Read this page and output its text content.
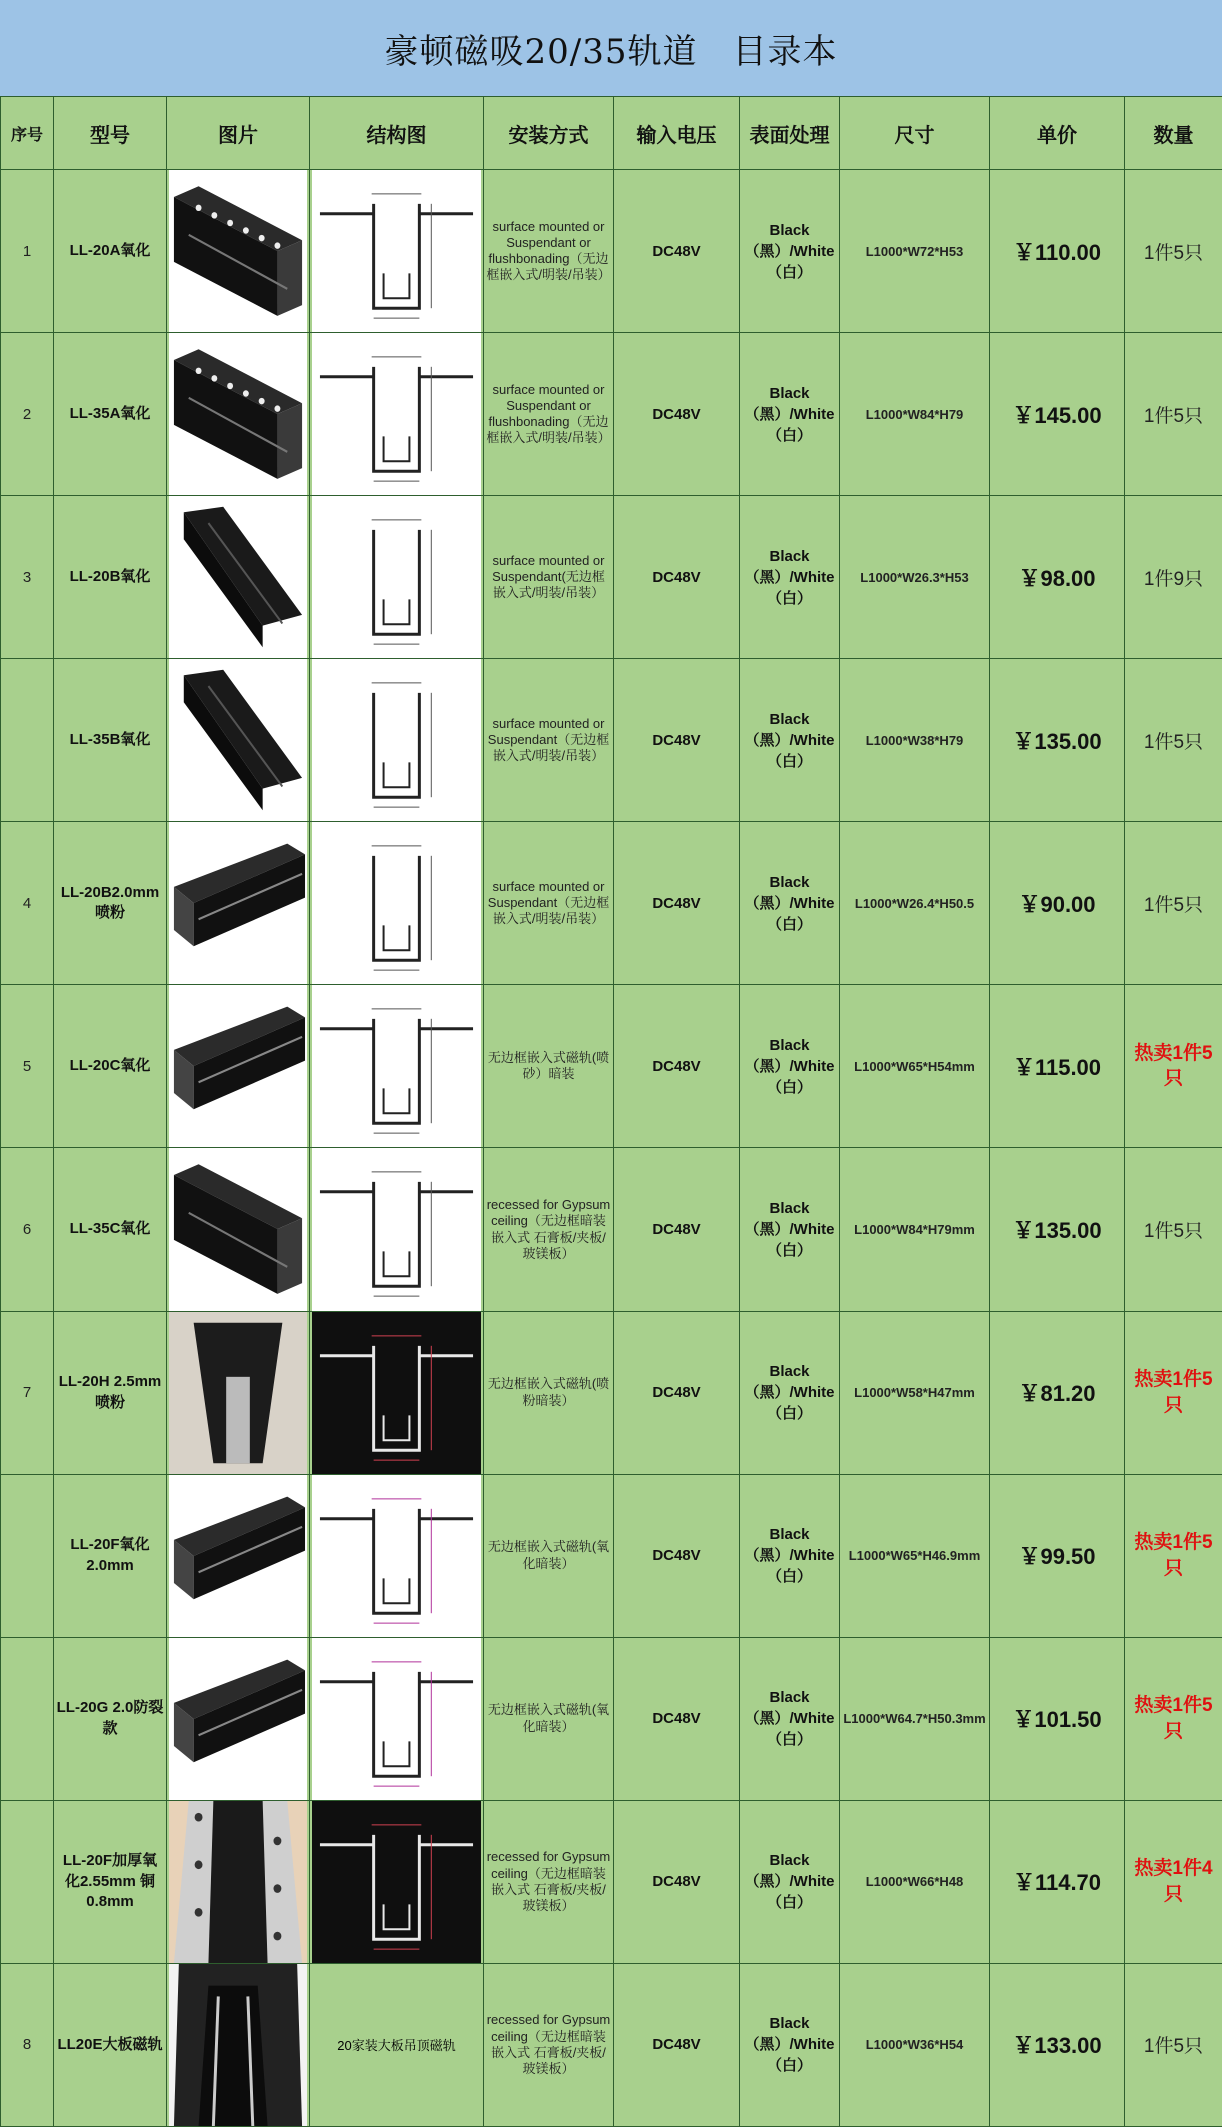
豪顿磁吸20/35轨道　目录本
序号	型号	图片	结构图	安装方式	输入电压	表面处理	尺寸	单价	数量
1	LL-20A氧化			surface mounted or Suspendant or flushbonading（无边框嵌入式/明装/吊装）	DC48V	Black（黑）/White（白）	L1000*W72*H53	￥110.00	1件5只
2	LL-35A氧化			surface mounted or Suspendant or flushbonading（无边框嵌入式/明装/吊装）	DC48V	Black（黑）/White（白）	L1000*W84*H79	￥145.00	1件5只
3	LL-20B氧化			surface mounted or Suspendant(无边框嵌入式/明装/吊装）	DC48V	Black（黑）/White（白）	L1000*W26.3*H53	￥98.00	1件9只
	LL-35B氧化			surface mounted or Suspendant（无边框嵌入式/明装/吊装）	DC48V	Black（黑）/White（白）	L1000*W38*H79	￥135.00	1件5只
4	LL-20B2.0mm喷粉			surface mounted or Suspendant（无边框嵌入式/明装/吊装）	DC48V	Black（黑）/White（白）	L1000*W26.4*H50.5	￥90.00	1件5只
5	LL-20C氧化			无边框嵌入式磁轨(喷砂）暗装	DC48V	Black（黑）/White（白）	L1000*W65*H54mm	￥115.00	热卖1件5只
6	LL-35C氧化			recessed for Gypsum ceiling（无边框暗装嵌入式 石膏板/夹板/玻镁板）	DC48V	Black（黑）/White（白）	L1000*W84*H79mm	￥135.00	1件5只
7	LL-20H 2.5mm 喷粉			无边框嵌入式磁轨(喷粉暗装）	DC48V	Black（黑）/White（白）	L1000*W58*H47mm	￥81.20	热卖1件5只
	LL-20F氧化2.0mm			无边框嵌入式磁轨(氧化暗装）	DC48V	Black（黑）/White（白）	L1000*W65*H46.9mm	￥99.50	热卖1件5只
	LL-20G 2.0防裂款			无边框嵌入式磁轨(氧化暗装）	DC48V	Black（黑）/White（白）	L1000*W64.7*H50.3mm	￥101.50	热卖1件5只
	LL-20F加厚氧化2.55mm 铜0.8mm			recessed for Gypsum ceiling（无边框暗装嵌入式 石膏板/夹板/玻镁板）	DC48V	Black（黑）/White（白）	L1000*W66*H48	￥114.70	热卖1件4只
8	LL20E大板磁轨		20家装大板吊顶磁轨	recessed for Gypsum ceiling（无边框暗装嵌入式 石膏板/夹板/玻镁板）	DC48V	Black（黑）/White（白）	L1000*W36*H54	￥133.00	1件5只
